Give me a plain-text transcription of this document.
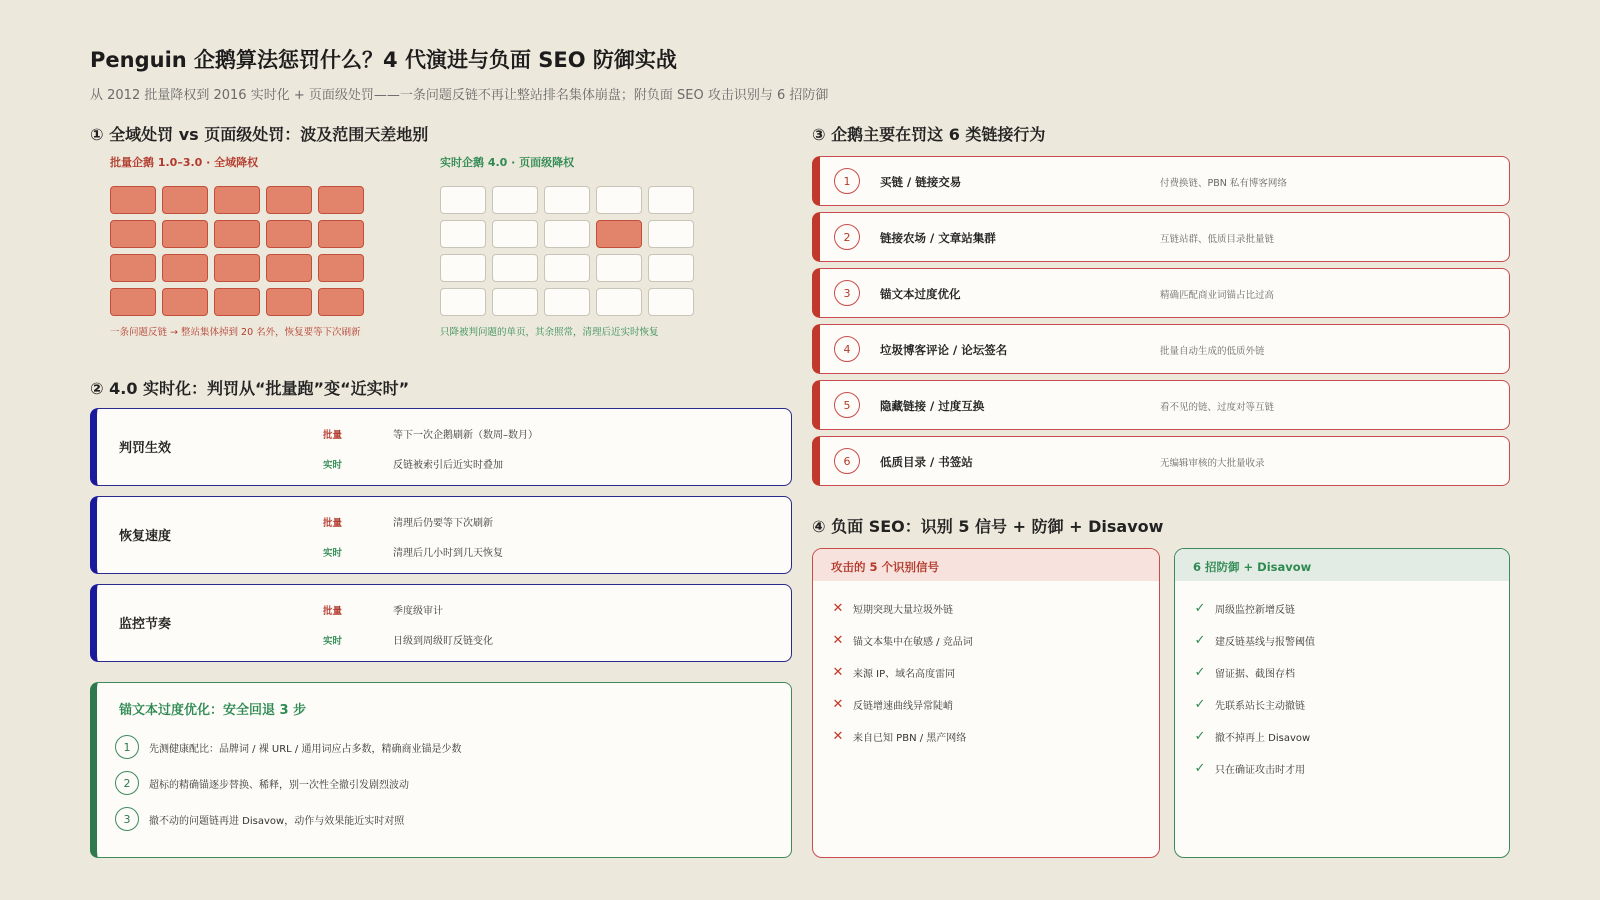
Penguin 企鹅算法惩罚什么？4 代演进与负面 SEO 防御实战
从 2012 批量降权到 2016 实时化 + 页面级处罚——一条问题反链不再让整站排名集体崩盘；附负面 SEO 攻击识别与 6 招防御
① 全域处罚 vs 页面级处罚：波及范围天差地别
批量企鹅 1.0–3.0 · 全域降权	实时企鹅 4.0 · 页面级降权
一条问题反链 → 整站集体掉到 20 名外，恢复要等下次刷新	只降被判问题的单页，其余照常，清理后近实时恢复
② 4.0 实时化：判罚从“批量跑”变“近实时”
判罚生效
批量	等下一次企鹅刷新（数周–数月）
实时	反链被索引后近实时叠加
恢复速度
批量	清理后仍要等下次刷新
实时	清理后几小时到几天恢复
监控节奏
批量	季度级审计
实时	日级到周级盯反链变化
锚文本过度优化：安全回退 3 步
1	先测健康配比：品牌词 / 裸 URL / 通用词应占多数，精确商业锚是少数
2	超标的精确锚逐步替换、稀释，别一次性全撤引发剧烈波动
3	撤不动的问题链再进 Disavow，动作与效果能近实时对照
③ 企鹅主要在罚这 6 类链接行为
1	买链 / 链接交易	付费换链、PBN 私有博客网络
2	链接农场 / 文章站集群	互链站群、低质目录批量链
3	锚文本过度优化	精确匹配商业词锚占比过高
4	垃圾博客评论 / 论坛签名	批量自动生成的低质外链
5	隐藏链接 / 过度互换	看不见的链、过度对等互链
6	低质目录 / 书签站	无编辑审核的大批量收录
④ 负面 SEO：识别 5 信号 + 防御 + Disavow
攻击的 5 个识别信号
✕ 短期突现大量垃圾外链
✕ 锚文本集中在敏感 / 竞品词
✕ 来源 IP、域名高度雷同
✕ 反链增速曲线异常陡峭
✕ 来自已知 PBN / 黑产网络
6 招防御 + Disavow
✓ 周级监控新增反链
✓ 建反链基线与报警阈值
✓ 留证据、截图存档
✓ 先联系站长主动撤链
✓ 撤不掉再上 Disavow
✓ 只在确证攻击时才用
